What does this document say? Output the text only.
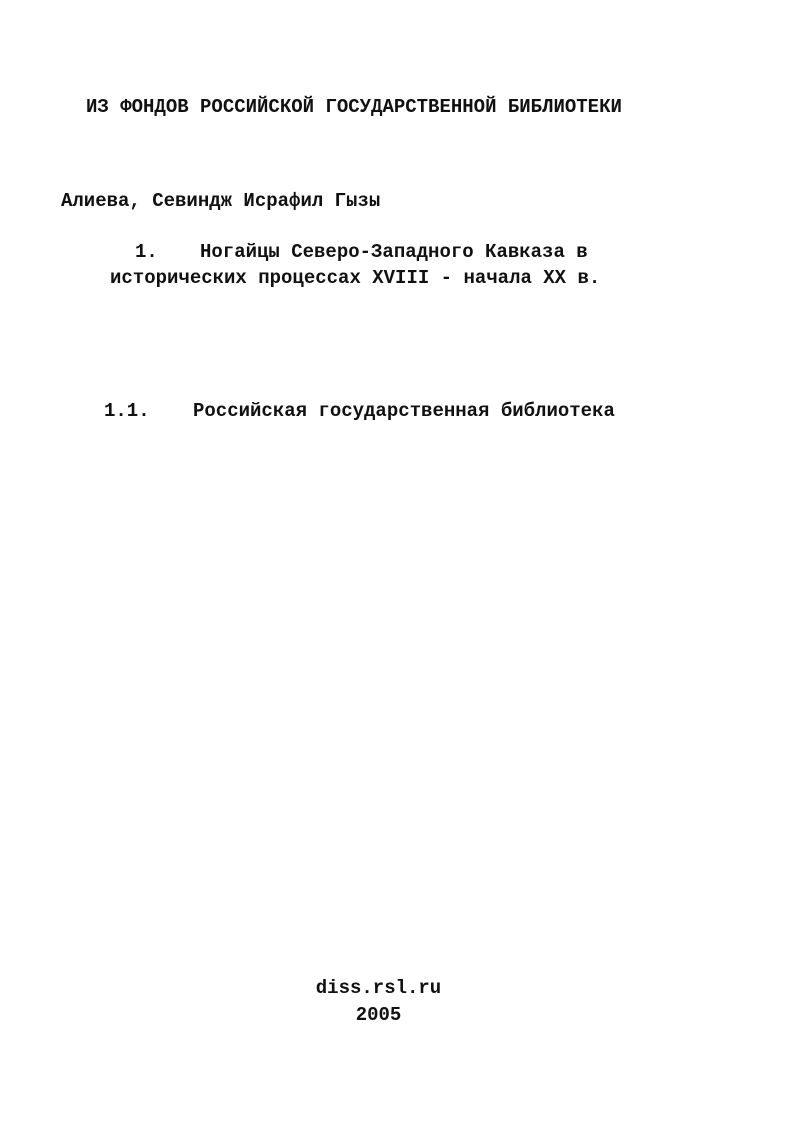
ИЗ ФОНДОВ РОССИЙСКОЙ ГОСУДАРСТВЕННОЙ БИБЛИОТЕКИ
Алиева, Севиндж Исрафил Гызы
1. Ногайцы Северо-Западного Кавказа в
исторических процессах XVIII - начала XX в.
1.1. Российская государственная библиотека
diss.rsl.ru
2005
